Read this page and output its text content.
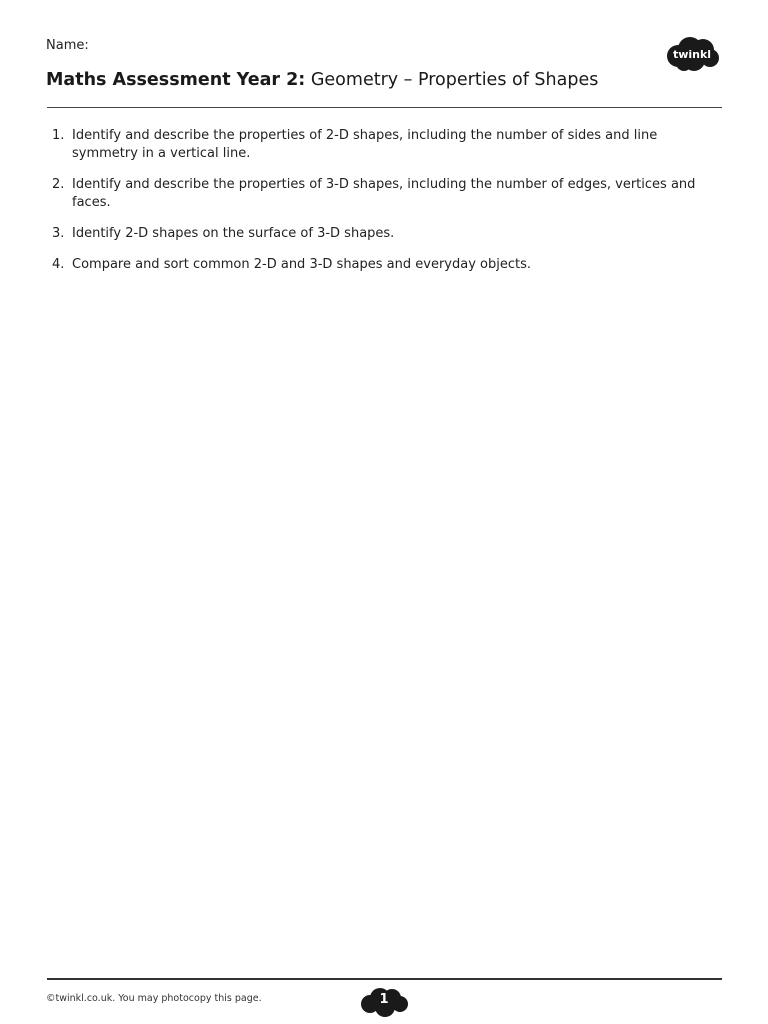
Name:
Maths Assessment Year 2: Geometry – Properties of Shapes
twinkl
1. Identify and describe the properties of 2-D shapes, including the number of sides and line symmetry in a vertical line.
2. Identify and describe the properties of 3-D shapes, including the number of edges, vertices and faces.
3. Identify 2-D shapes on the surface of 3-D shapes.
4. Compare and sort common 2-D and 3-D shapes and everyday objects.
©twinkl.co.uk. You may photocopy this page.	1
